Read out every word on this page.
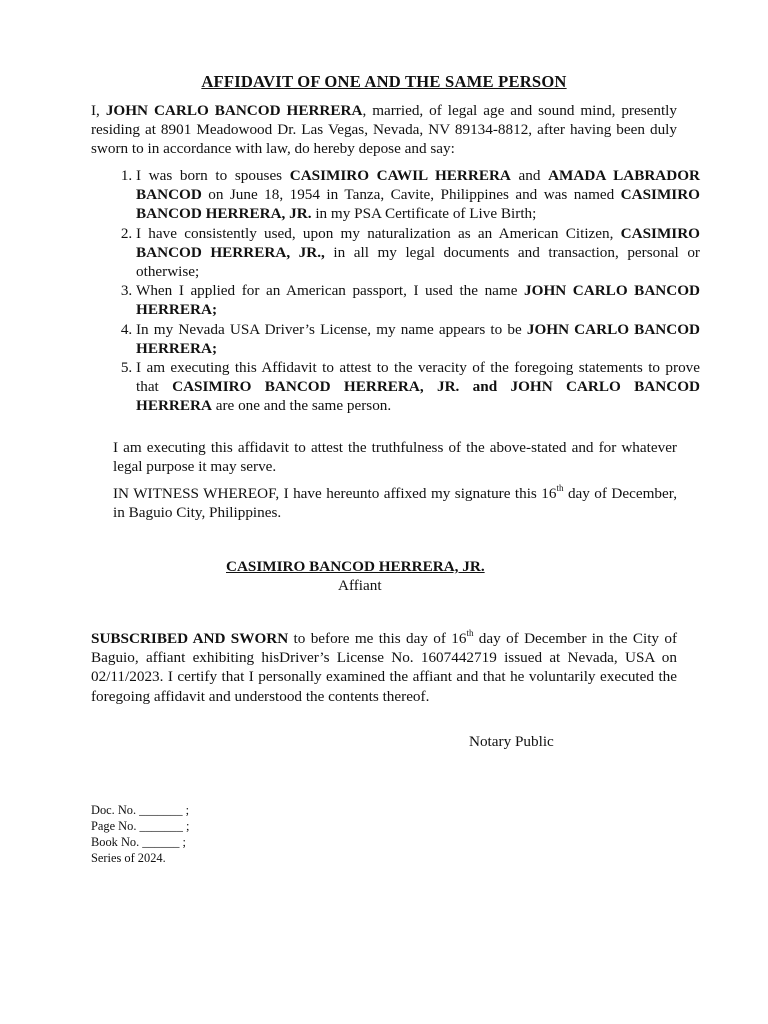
AFFIDAVIT OF ONE AND THE SAME PERSON
I, JOHN CARLO BANCOD HERRERA, married, of legal age and sound mind, presently residing at 8901 Meadowood Dr. Las Vegas, Nevada, NV 89134-8812, after having been duly sworn to in accordance with law, do hereby depose and say:
1. I was born to spouses CASIMIRO CAWIL HERRERA and AMADA LABRADOR BANCOD on June 18, 1954 in Tanza, Cavite, Philippines and was named CASIMIRO BANCOD HERRERA, JR. in my PSA Certificate of Live Birth;
2. I have consistently used, upon my naturalization as an American Citizen, CASIMIRO BANCOD HERRERA, JR., in all my legal documents and transaction, personal or otherwise;
3. When I applied for an American passport, I used the name JOHN CARLO BANCOD HERRERA;
4. In my Nevada USA Driver’s License, my name appears to be JOHN CARLO BANCOD HERRERA;
5. I am executing this Affidavit to attest to the veracity of the foregoing statements to prove that CASIMIRO BANCOD HERRERA, JR. and JOHN CARLO BANCOD HERRERA are one and the same person.
I am executing this affidavit to attest the truthfulness of the above-stated and for whatever legal purpose it may serve.
IN WITNESS WHEREOF, I have hereunto affixed my signature this 16th day of December, in Baguio City, Philippines.
CASIMIRO BANCOD HERRERA, JR.
Affiant
SUBSCRIBED AND SWORN to before me this day of 16th day of December in the City of Baguio, affiant exhibiting hisDriver’s License No. 1607442719 issued at Nevada, USA on 02/11/2023. I certify that I personally examined the affiant and that he voluntarily executed the foregoing affidavit and understood the contents thereof.
Notary Public
Doc. No. _______ ;
Page No. _______ ;
Book No. ______ ;
Series of 2024.
